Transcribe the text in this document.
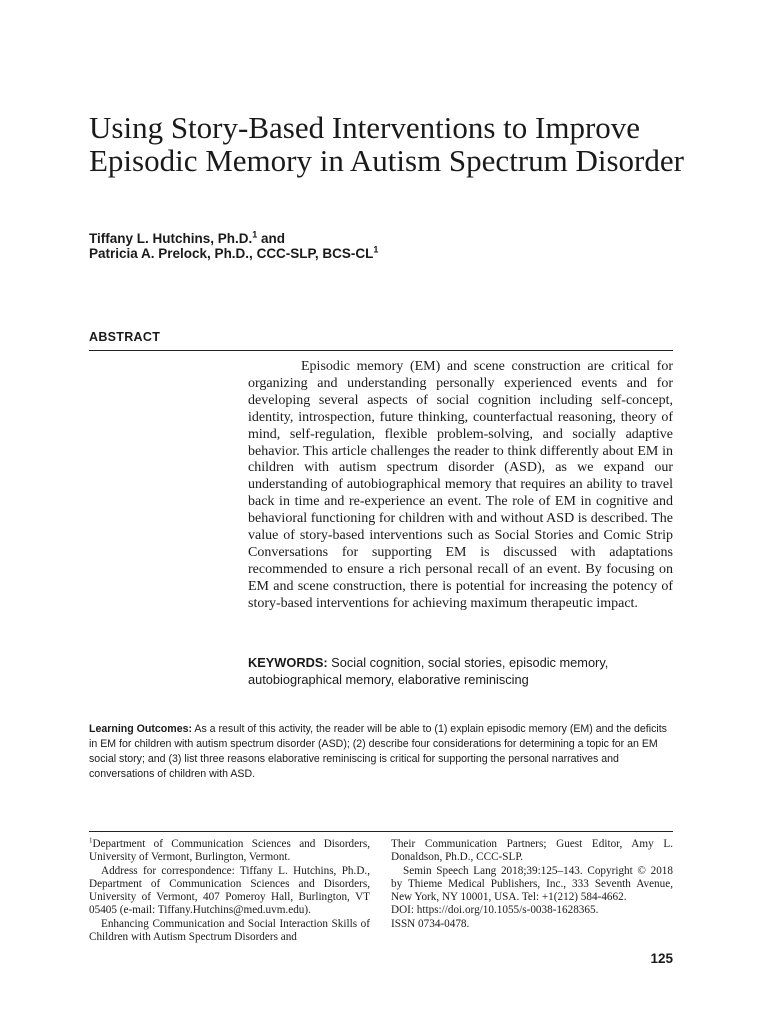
Using Story-Based Interventions to Improve Episodic Memory in Autism Spectrum Disorder
Tiffany L. Hutchins, Ph.D.$^1$ and
Patricia A. Prelock, Ph.D., CCC-SLP, BCS-$CL^1$
ABSTRACT

Episodic memory (EM) and scene construction are critical for organizing and understanding personally experienced events and for developing several aspects of social cognition including self-concept, identity, introspection, future thinking, counterfactual reasoning, theory of mind, self-regulation, flexible problem-solving, and socially adaptive behavior. This article challenges the reader to think differently about EM in children with autism spectrum disorder (ASD), as we expand our understanding of autobiographical memory that requires an ability to travel back in time and re-experience an event. The role of EM in cognitive and behavioral functioning for children with and without ASD is described. The value of story-based interventions such as Social Stories and Comic Strip Conversations for supporting EM is discussed with adaptations recommended to ensure a rich personal recall of an event. By focusing on EM and scene construction, there is potential for increasing the potency of story-based interventions for achieving maximum therapeutic impact.

KEYWORDS: Social cognition, social stories, episodic memory, autobiographical memory, elaborative reminiscing

Learning Outcomes: As a result of this activity, the reader will be able to (1) explain episodic memory (EM) and the deficits in EM for children with autism spectrum disorder (ASD); (2) describe four considerations for determining a topic for an EM social story; and (3) list three reasons elaborative reminiscing is critical for supporting the personal narratives and conversations of children with ASD.

$^1$Department of Communication Sciences and Disorders, University of Vermont, Burlington, Vermont.

Address for correspondence: Tiffany L. Hutchins, Ph.D., Department of Communication Sciences and Disorders, University of Vermont, 407 Pomeroy Hall, Burlington, VT 05405 (e-mail: Tiffany.Hutchins@med.uvm.edu).

Enhancing Communication and Social Interaction Skills of Children with Autism Spectrum Disorders and

Their Communication Partners; Guest Editor, Amy L. Donaldson, Ph.D., CCC-SLP.

Semin Speech Lang 2018;39:125–143. Copyright © 2018 by Thieme Medical Publishers, Inc., 333 Seventh Avenue, New York, NY 10001, USA. Tel: +1(212) 584-4662.

DOI: https://doi.org/10.1055/s-0038-1628365.

ISSN 0734-0478.

125
